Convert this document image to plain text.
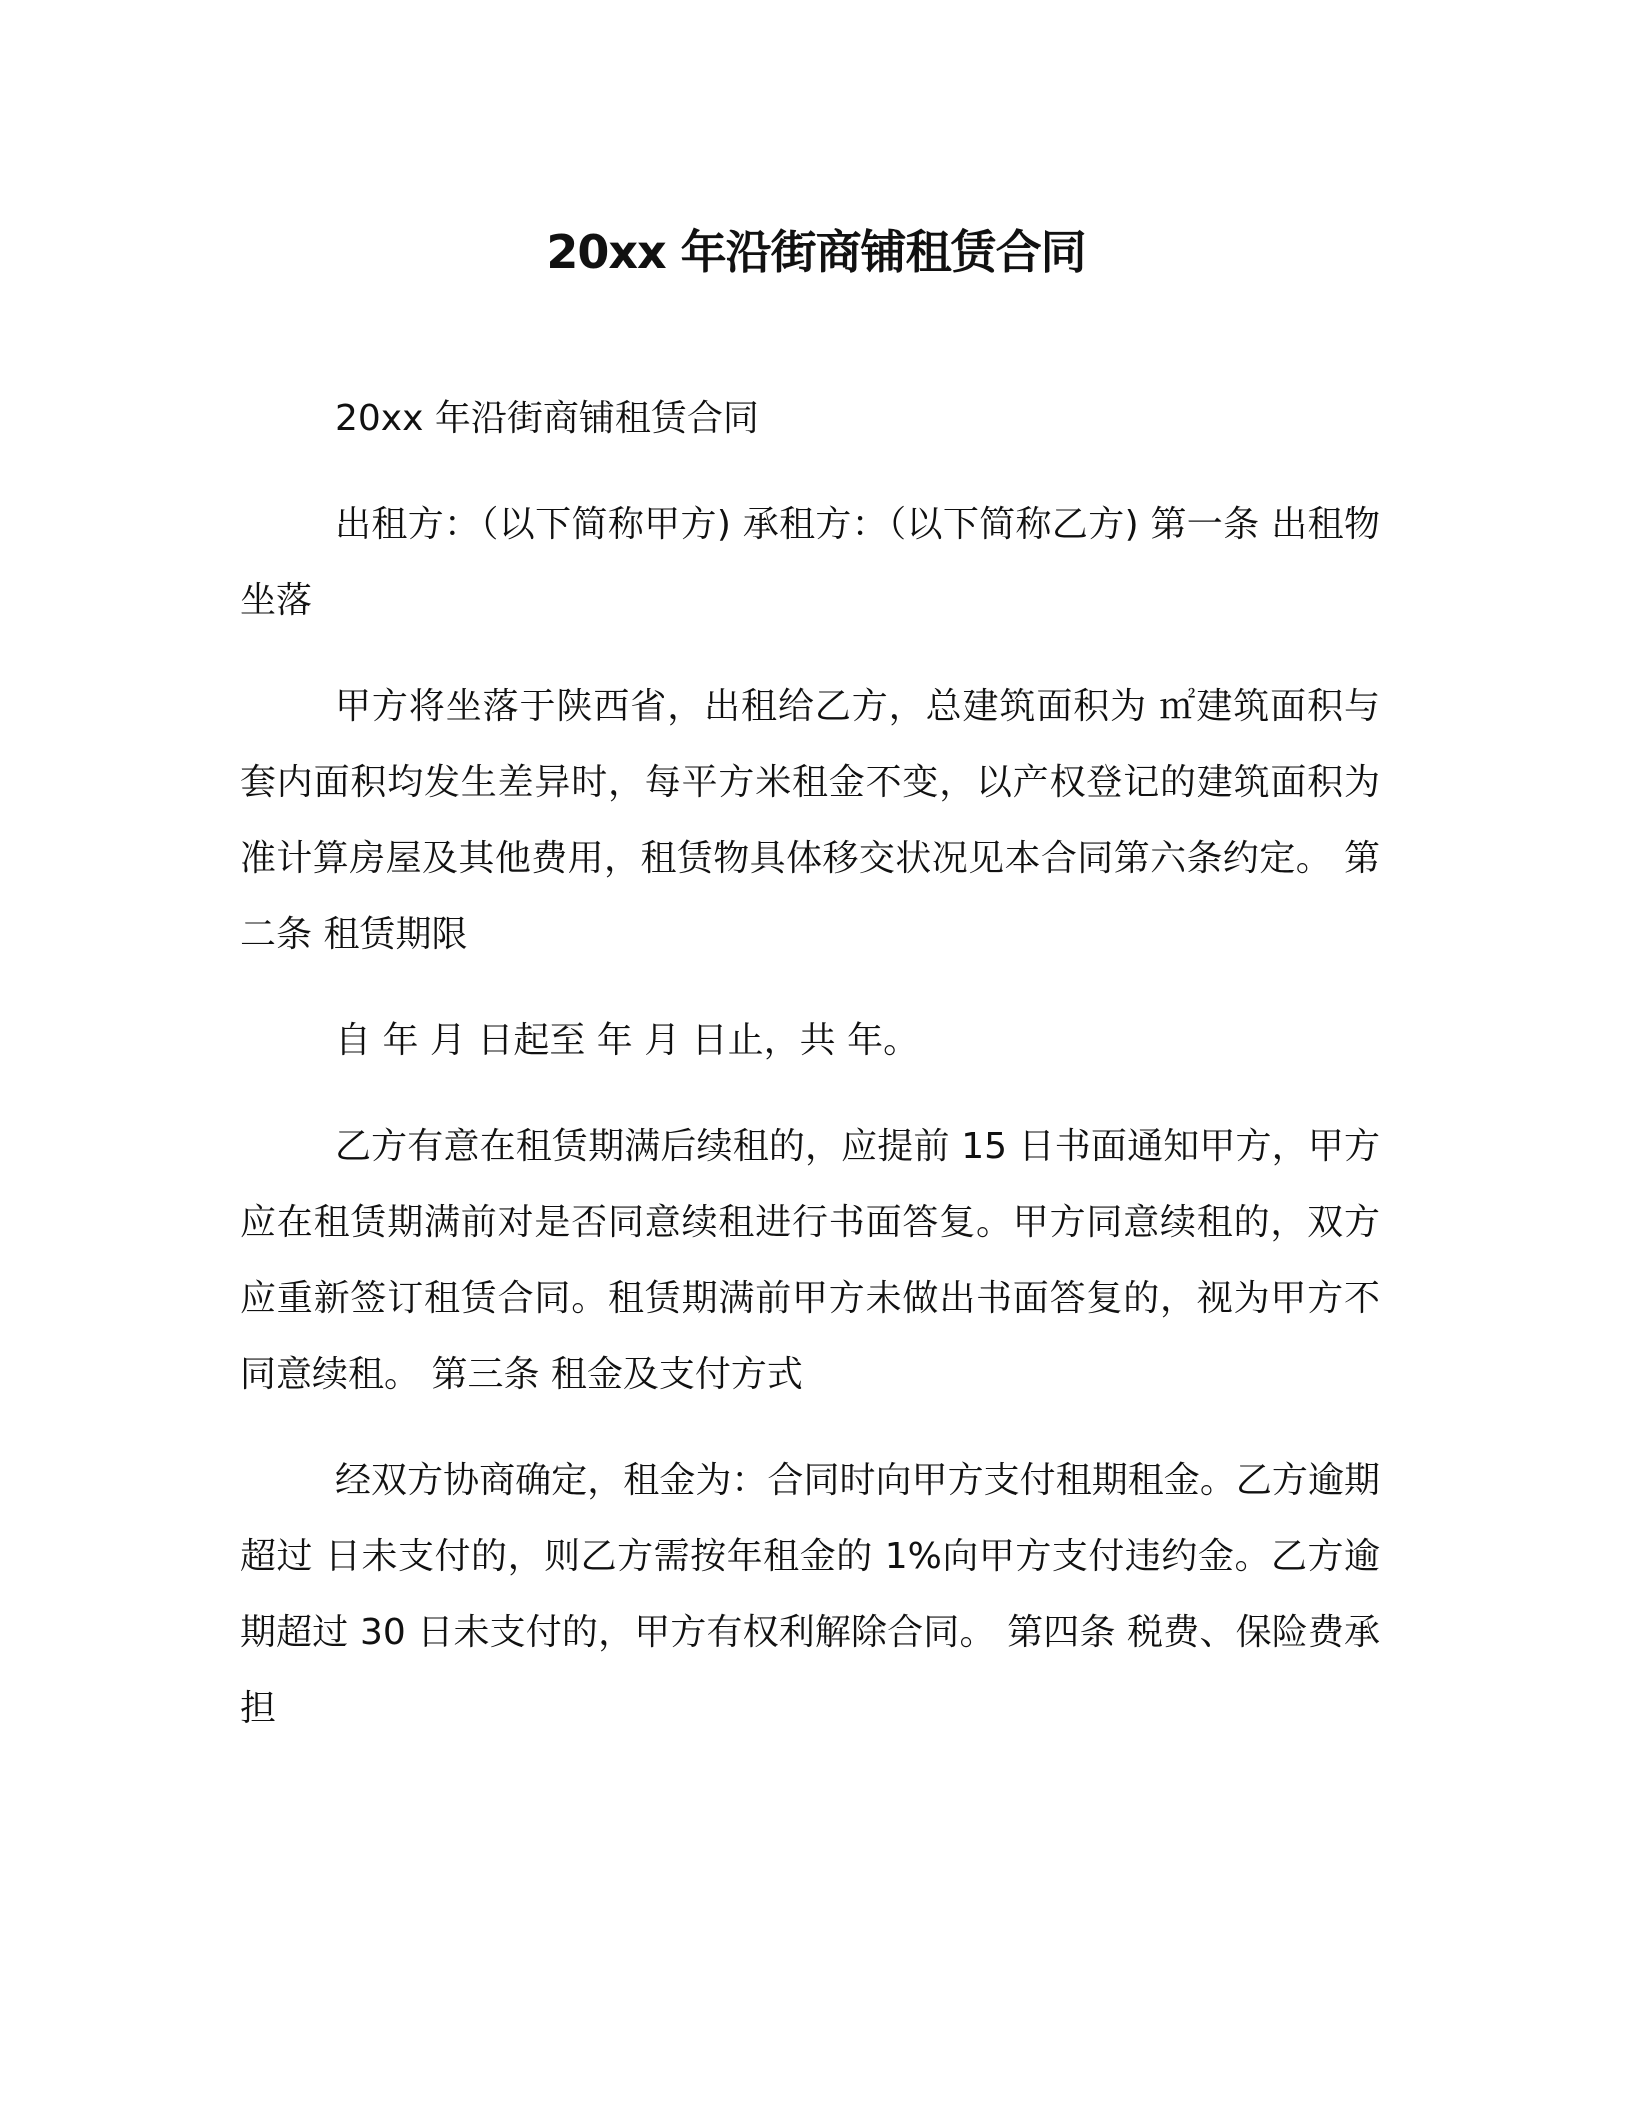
20xx 年沿街商铺租赁合同

20xx 年沿街商铺租赁合同

出租方：（以下简称甲方) 承租方：（以下简称乙方) 第一条 出租物坐落

甲方将坐落于陕西省，出租给乙方，总建筑面积为 ㎡建筑面积与套内面积均发生差异时，每平方米租金不变，以产权登记的建筑面积为准计算房屋及其他费用，租赁物具体移交状况见本合同第六条约定。 第二条 租赁期限

自 年 月 日起至 年 月 日止，共 年。

乙方有意在租赁期满后续租的，应提前 15 日书面通知甲方，甲方应在租赁期满前对是否同意续租进行书面答复。甲方同意续租的，双方应重新签订租赁合同。租赁期满前甲方未做出书面答复的，视为甲方不同意续租。 第三条 租金及支付方式

经双方协商确定，租金为：合同时向甲方支付租期租金。乙方逾期超过 日未支付的，则乙方需按年租金的 1%向甲方支付违约金。乙方逾期超过 30 日未支付的，甲方有权利解除合同。 第四条 税费、保险费承担
